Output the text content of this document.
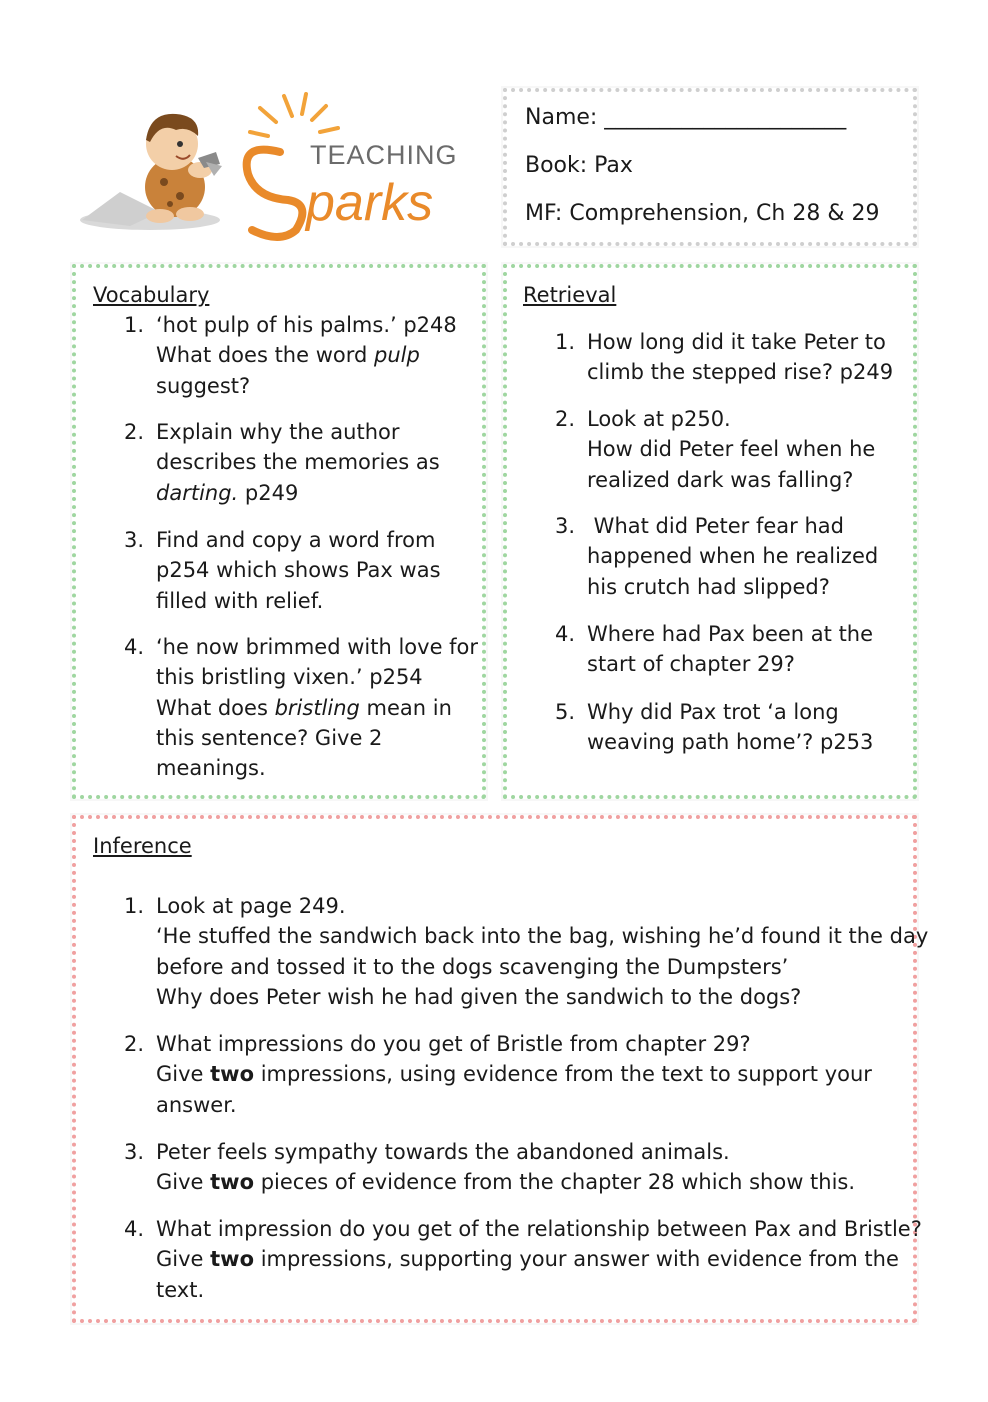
TEACHING
parks
Name: ______________________
Book: Pax
MF: Comprehension, Ch 28 & 29
Vocabulary
1. ‘hot pulp of his palms.’ p248
What does the word pulp
suggest?
2. Explain why the author
describes the memories as
darting. p249
3. Find and copy a word from
p254 which shows Pax was
filled with relief.
4. ‘he now brimmed with love for
this bristling vixen.’ p254
What does bristling mean in
this sentence? Give 2
meanings.
Retrieval
1. How long did it take Peter to
climb the stepped rise? p249
2. Look at p250.
How did Peter feel when he
realized dark was falling?
3. What did Peter fear had
happened when he realized
his crutch had slipped?
4. Where had Pax been at the
start of chapter 29?
5. Why did Pax trot ‘a long
weaving path home’? p253
Inference
1. Look at page 249.
‘He stuffed the sandwich back into the bag, wishing he’d found it the day
before and tossed it to the dogs scavenging the Dumpsters’
Why does Peter wish he had given the sandwich to the dogs?
2. What impressions do you get of Bristle from chapter 29?
Give two impressions, using evidence from the text to support your
answer.
3. Peter feels sympathy towards the abandoned animals.
Give two pieces of evidence from the chapter 28 which show this.
4. What impression do you get of the relationship between Pax and Bristle?
Give two impressions, supporting your answer with evidence from the
text.
